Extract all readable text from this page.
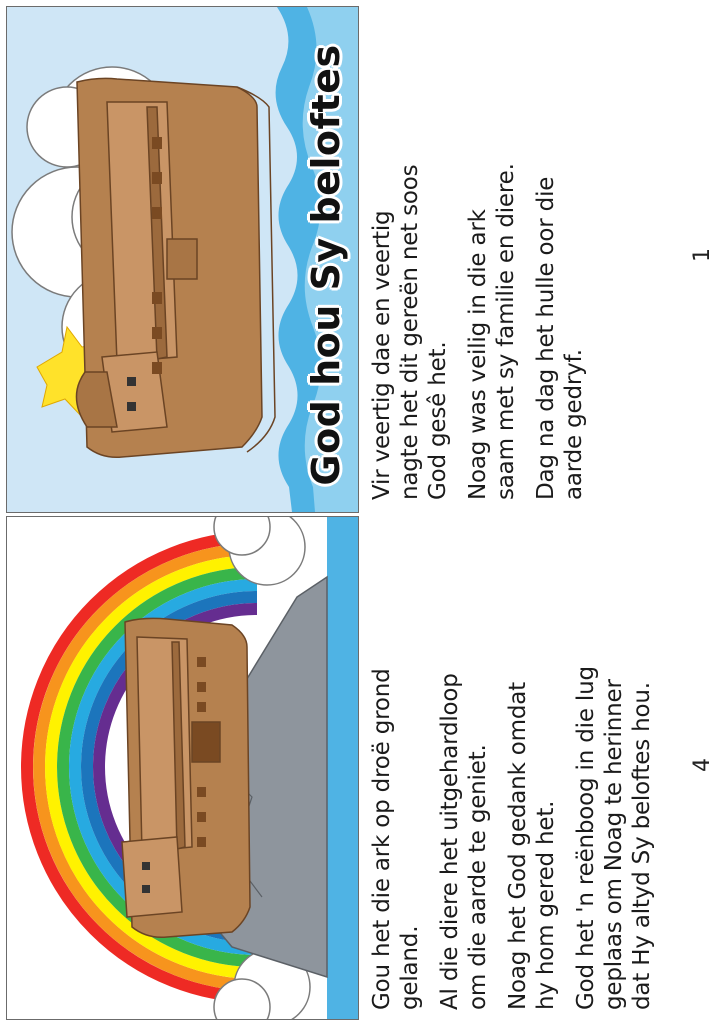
God hou Sy beloftes Vir veertig dae en veertig
nagte het dit gereën net soos
God gesê het.

Noag was veilig in die ark
saam met sy familie en diere.

Dag na dag het hulle oor die
aarde gedryf.

1

Gou het die ark op droë grond
geland. Al die diere het uitgehardloop
om die aarde te geniet.

Noag het God gedank omdat
hy hom gered het.

God het 'n reënboog in die lug
geplaas om Noag te herinner
dat Hy altyd Sy beloftes hou.

4
